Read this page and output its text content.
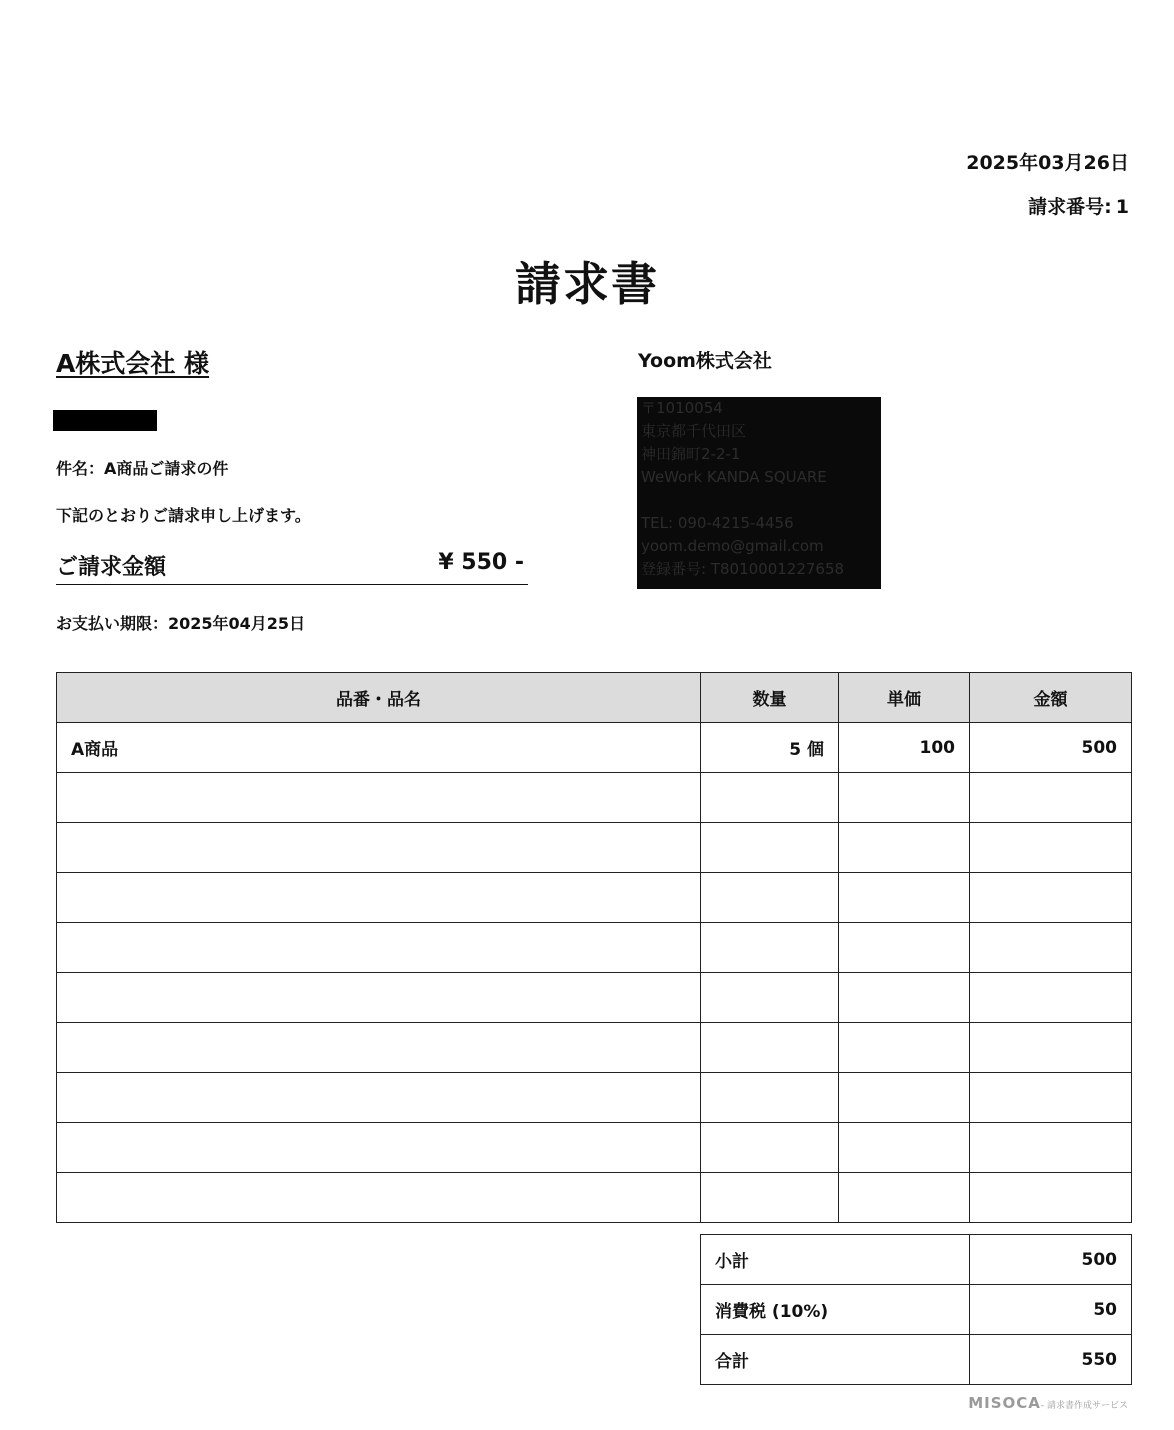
2025年03月26日
請求番号: 1
請求書
A株式会社 様
件名：A商品ご請求の件
下記のとおりご請求申し上げます。
ご請求金額	¥ 550 -
お支払い期限：2025年04月25日
Yoom株式会社
〒1010054
東京都千代田区
神田錦町2-2-1
WeWork KANDA SQUARE
TEL: 090-4215-4456
yoom.demo@gmail.com
登録番号: T8010001227658
品番・品名	数量	単価	金額
A商品	5 個	100	500

小計	500
消費税 (10%)	50
合計	550
MISOCA- 請求書作成サービス
